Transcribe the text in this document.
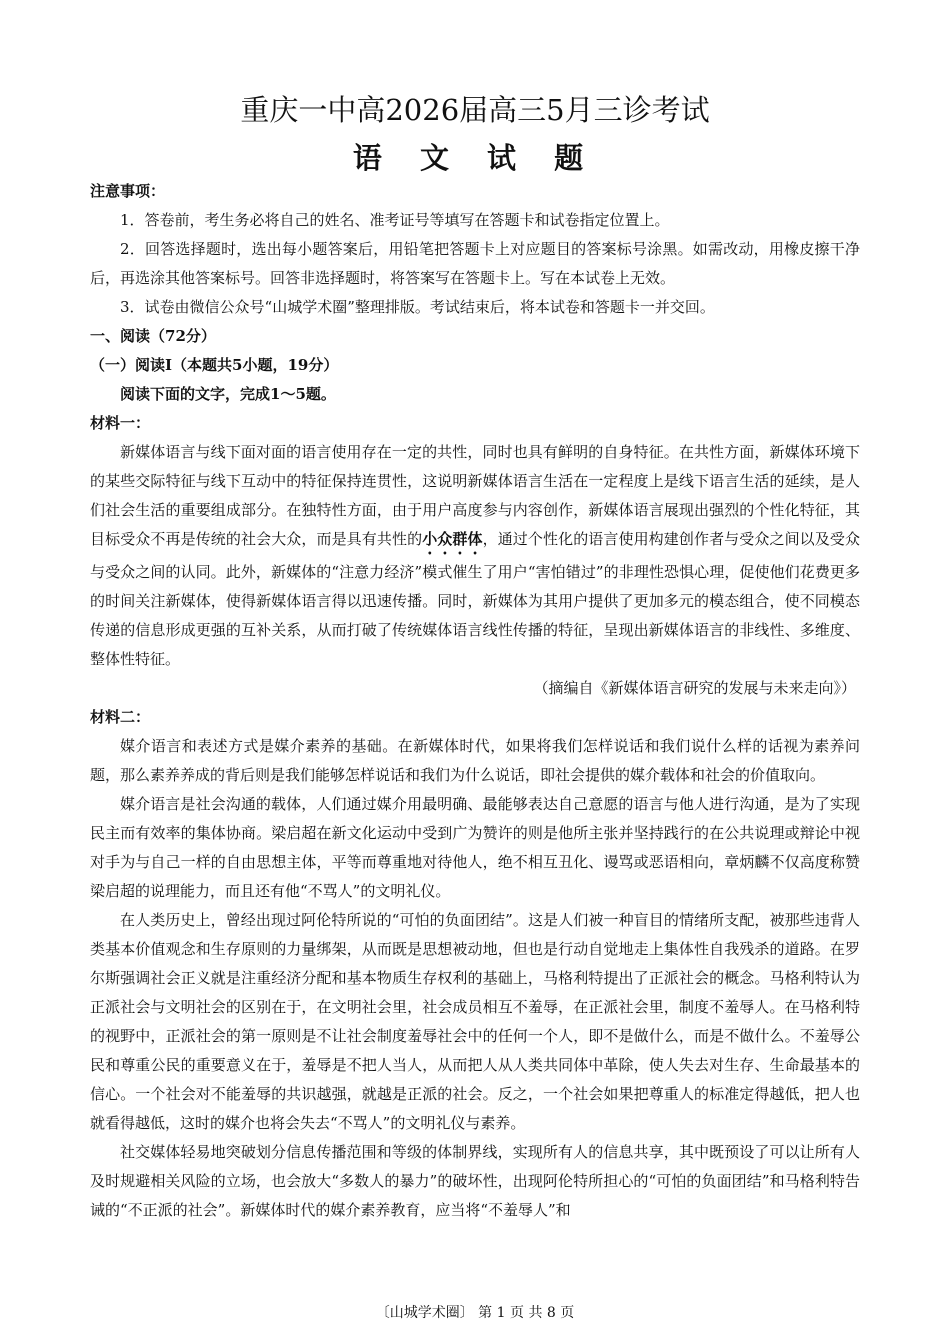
重庆一中高2026届高三5月三诊考试
语 文 试 题

注意事项：

1．答卷前，考生务必将自己的姓名、准考证号等填写在答题卡和试卷指定位置上。

2．回答选择题时，选出每小题答案后，用铅笔把答题卡上对应题目的答案标号涂黑。如需改动，用橡皮擦干净后，再选涂其他答案标号。回答非选择题时，将答案写在答题卡上。写在本试卷上无效。

3．试卷由微信公众号“山城学术圈”整理排版。考试结束后，将本试卷和答题卡一并交回。

一、阅读（72分）

（一）阅读Ⅰ（本题共5小题，19分）

阅读下面的文字，完成1～5题。

材料一：

新媒体语言与线下面对面的语言使用存在一定的共性，同时也具有鲜明的自身特征。在共性方面，新媒体环境下的某些交际特征与线下互动中的特征保持连贯性，这说明新媒体语言生活在一定程度上是线下语言生活的延续，是人们社会生活的重要组成部分。在独特性方面，由于用户高度参与内容创作，新媒体语言展现出强烈的个性化特征，其目标受众不再是传统的社会大众，而是具有共性的小众群体，通过个性化的语言使用构建创作者与受众之间以及受众与受众之间的认同。此外，新媒体的“注意力经济”模式催生了用户“害怕错过”的非理性恐惧心理，促使他们花费更多的时间关注新媒体，使得新媒体语言得以迅速传播。同时，新媒体为其用户提供了更加多元的模态组合，使不同模态传递的信息形成更强的互补关系，从而打破了传统媒体语言线性传播的特征，呈现出新媒体语言的非线性、多维度、整体性特征。

（摘编自《新媒体语言研究的发展与未来走向》）

材料二：

媒介语言和表述方式是媒介素养的基础。在新媒体时代，如果将我们怎样说话和我们说什么样的话视为素养问题，那么素养养成的背后则是我们能够怎样说话和我们为什么说话，即社会提供的媒介载体和社会的价值取向。

媒介语言是社会沟通的载体，人们通过媒介用最明确、最能够表达自己意愿的语言与他人进行沟通，是为了实现民主而有效率的集体协商。梁启超在新文化运动中受到广为赞许的则是他所主张并坚持践行的在公共说理或辩论中视对手为与自己一样的自由思想主体，平等而尊重地对待他人，绝不相互丑化、谩骂或恶语相向，章炳麟不仅高度称赞梁启超的说理能力，而且还有他“不骂人”的文明礼仪。

在人类历史上，曾经出现过阿伦特所说的“可怕的负面团结”。这是人们被一种盲目的情绪所支配，被那些违背人类基本价值观念和生存原则的力量绑架，从而既是思想被动地，但也是行动自觉地走上集体性自我残杀的道路。在罗尔斯强调社会正义就是注重经济分配和基本物质生存权利的基础上，马格利特提出了正派社会的概念。马格利特认为正派社会与文明社会的区别在于，在文明社会里，社会成员相互不羞辱，在正派社会里，制度不羞辱人。在马格利特的视野中，正派社会的第一原则是不让社会制度羞辱社会中的任何一个人，即不是做什么，而是不做什么。不羞辱公民和尊重公民的重要意义在于，羞辱是不把人当人，从而把人从人类共同体中革除，使人失去对生存、生命最基本的信心。一个社会对不能羞辱的共识越强，就越是正派的社会。反之，一个社会如果把尊重人的标准定得越低，把人也就看得越低，这时的媒介也将会失去“不骂人”的文明礼仪与素养。

社交媒体轻易地突破划分信息传播范围和等级的体制界线，实现所有人的信息共享，其中既预设了可以让所有人及时规避相关风险的立场，也会放大“多数人的暴力”的破坏性，出现阿伦特所担心的“可怕的负面团结”和马格利特告诫的“不正派的社会”。新媒体时代的媒介素养教育，应当将“不羞辱人”和

〔山城学术圈〕 第 1 页 共 8 页
